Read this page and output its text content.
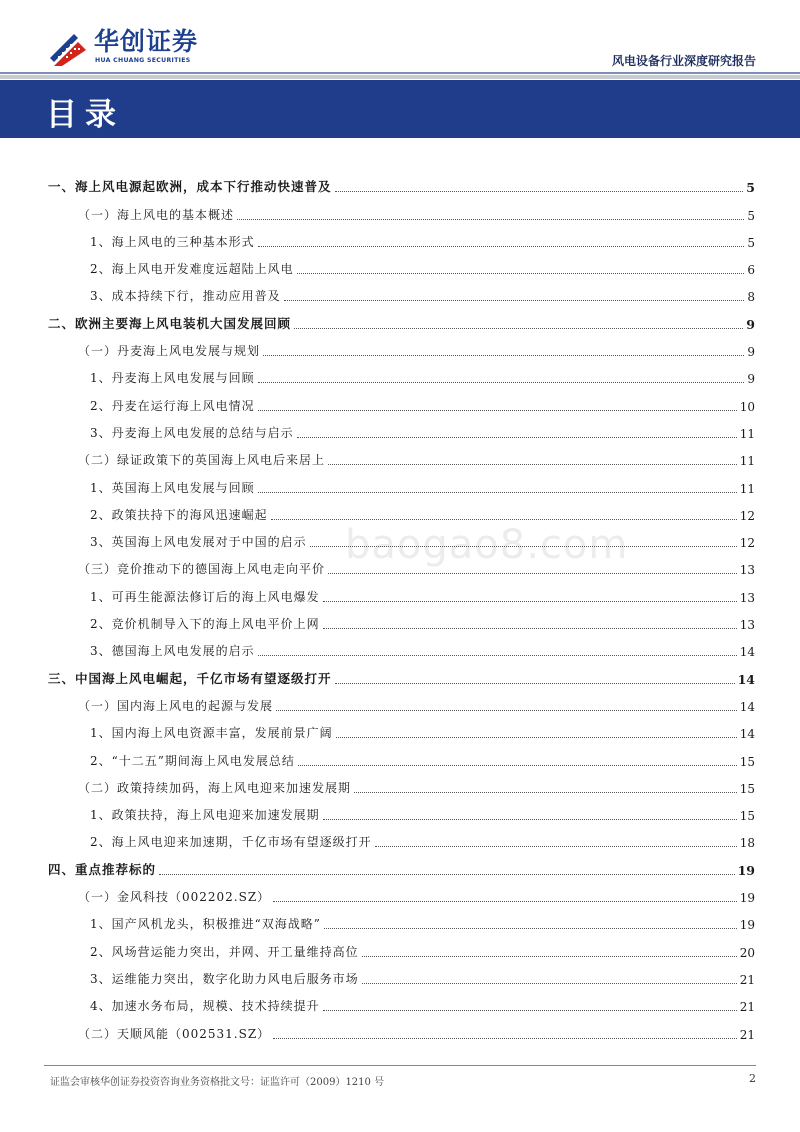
华创证券
HUA CHUANG SECURITIES	风电设备行业深度研究报告
目录
baogao8.com
一、海上风电源起欧洲，成本下行推动快速普及	5
（一）海上风电的基本概述	5
1、海上风电的三种基本形式	5
2、海上风电开发难度远超陆上风电	6
3、成本持续下行，推动应用普及	8
二、欧洲主要海上风电装机大国发展回顾	9
（一）丹麦海上风电发展与规划	9
1、丹麦海上风电发展与回顾	9
2、丹麦在运行海上风电情况	10
3、丹麦海上风电发展的总结与启示	11
（二）绿证政策下的英国海上风电后来居上	11
1、英国海上风电发展与回顾	11
2、政策扶持下的海风迅速崛起	12
3、英国海上风电发展对于中国的启示	12
（三）竞价推动下的德国海上风电走向平价	13
1、可再生能源法修订后的海上风电爆发	13
2、竞价机制导入下的海上风电平价上网	13
3、德国海上风电发展的启示	14
三、中国海上风电崛起，千亿市场有望逐级打开	14
（一）国内海上风电的起源与发展	14
1、国内海上风电资源丰富，发展前景广阔	14
2、“十二五”期间海上风电发展总结	15
（二）政策持续加码，海上风电迎来加速发展期	15
1、政策扶持，海上风电迎来加速发展期	15
2、海上风电迎来加速期，千亿市场有望逐级打开	18
四、重点推荐标的	19
（一）金风科技（002202.SZ）	19
1、国产风机龙头，积极推进“双海战略”	19
2、风场营运能力突出，并网、开工量维持高位	20
3、运维能力突出，数字化助力风电后服务市场	21
4、加速水务布局，规模、技术持续提升	21
（二）天顺风能（002531.SZ）	21
证监会审核华创证券投资咨询业务资格批文号：证监许可（2009）1210 号	2
